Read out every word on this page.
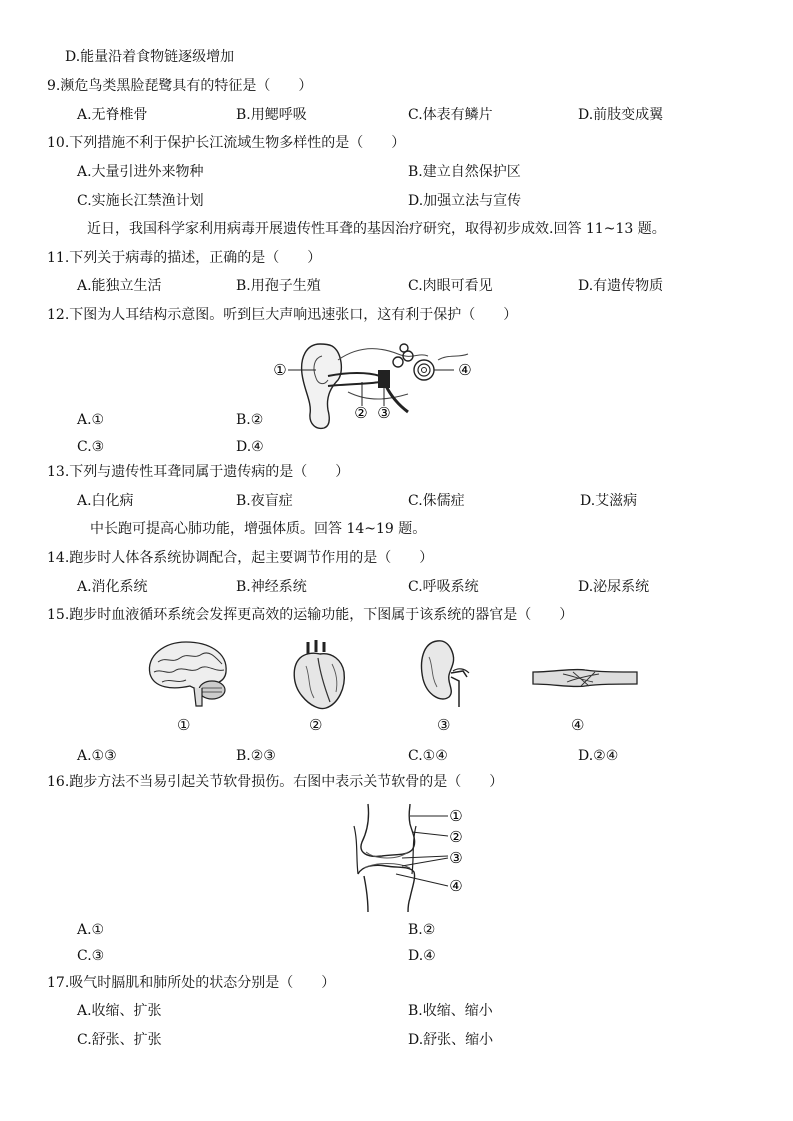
D.能量沿着食物链逐级增加
9.濒危鸟类黑脸琵鹭具有的特征是（　　）
A.无脊椎骨	B.用鳃呼吸	C.体表有鳞片	D.前肢变成翼
10.下列措施不利于保护长江流域生物多样性的是（　　）
A.大量引进外来物种	B.建立自然保护区
C.实施长江禁渔计划	D.加强立法与宣传
近日，我国科学家利用病毒开展遗传性耳聋的基因治疗研究，取得初步成效.回答 11~13 题。
11.下列关于病毒的描述，正确的是（　　）
A.能独立生活	B.用孢子生殖	C.肉眼可看见	D.有遗传物质
12.下图为人耳结构示意图。听到巨大声响迅速张口，这有利于保护（　　）
①
② ③
④
A.①	B.②
C.③	D.④
13.下列与遗传性耳聋同属于遗传病的是（　　）
A.白化病	B.夜盲症	C.侏儒症	D.艾滋病
中长跑可提高心肺功能，增强体质。回答 14~19 题。
14.跑步时人体各系统协调配合，起主要调节作用的是（　　）
A.消化系统	B.神经系统	C.呼吸系统	D.泌尿系统
15.跑步时血液循环系统会发挥更高效的运输功能，下图属于该系统的器官是（　　）
①	②	③	④
A.①③	B.②③	C.①④	D.②④
16.跑步方法不当易引起关节软骨损伤。右图中表示关节软骨的是（　　）
①
②
③
④
A.①	B.②
C.③	D.④
17.吸气时膈肌和肺所处的状态分别是（　　）
A.收缩、扩张	B.收缩、缩小
C.舒张、扩张	D.舒张、缩小
